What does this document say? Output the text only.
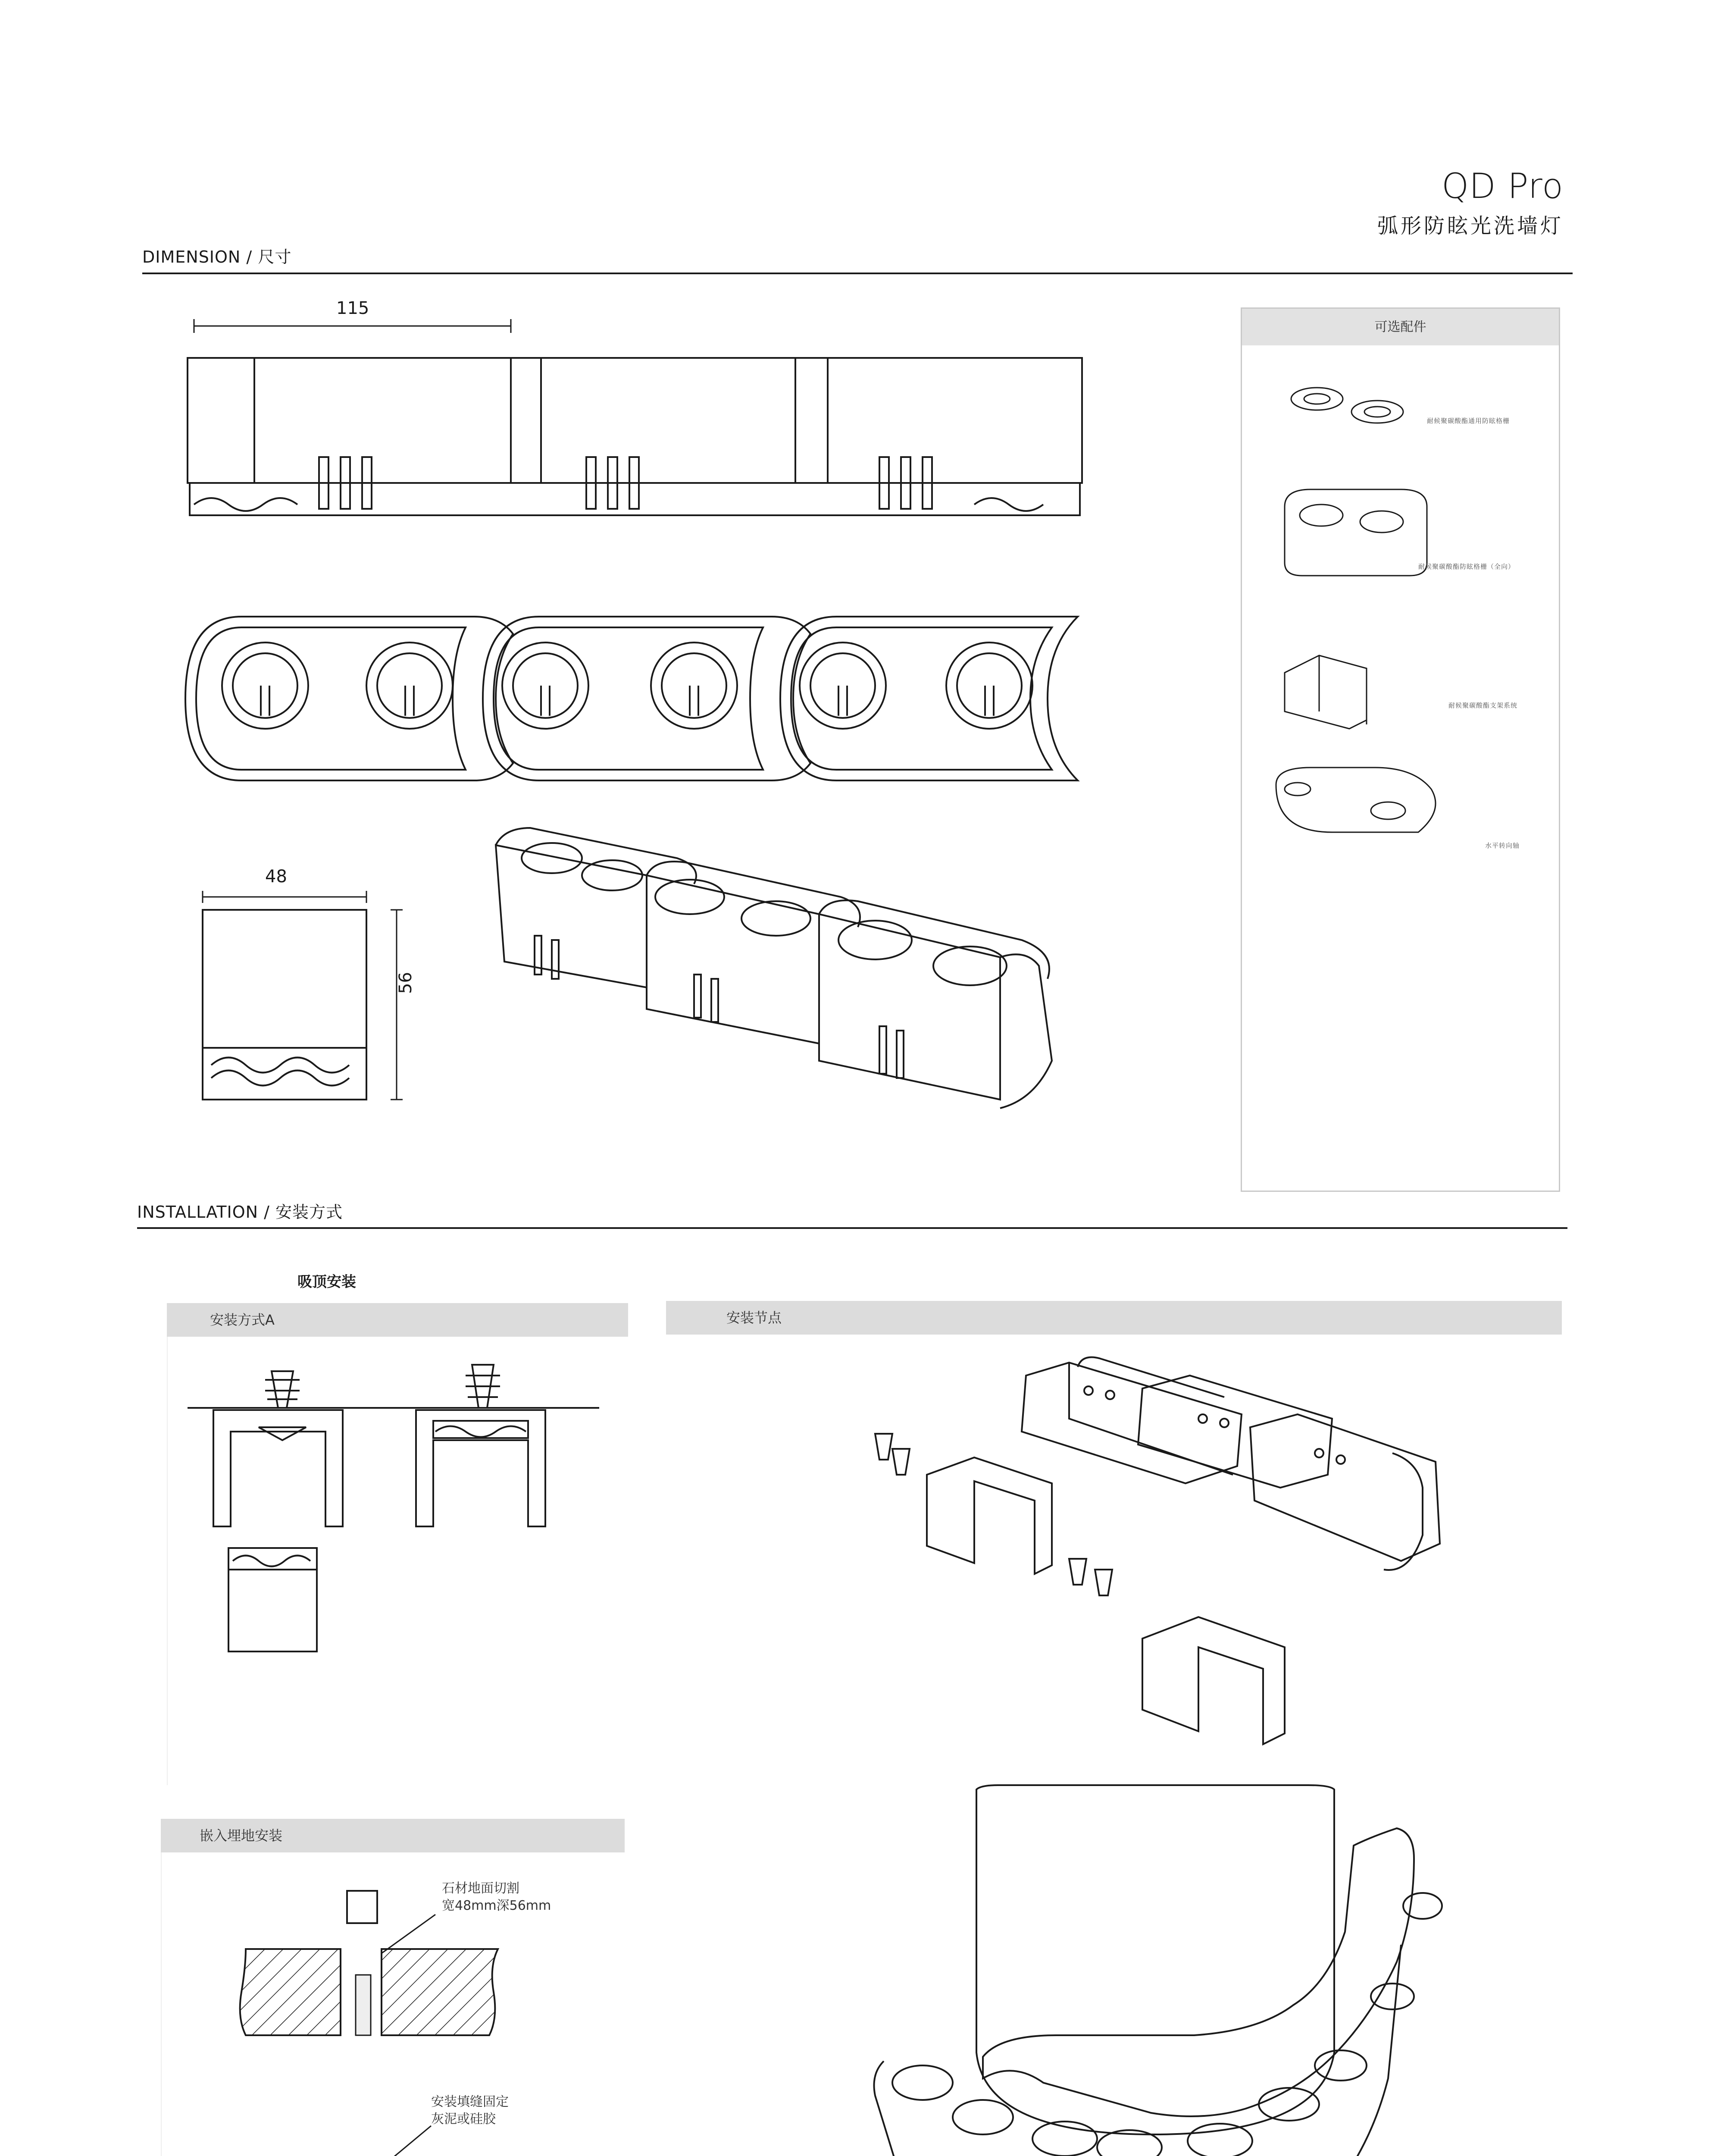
QD Pro
弧形防眩光洗墙灯
DIMENSION / 尺寸
115
48
56
可选配件
耐候聚碳酸酯通用防眩格栅
耐候聚碳酸酯防眩格栅（全向）
耐候聚碳酸酯支架系统
水平转向轴
INSTALLATION / 安装方式
吸顶安装
安装方式A	安装节点
嵌入埋地安装
石材地面切割
宽48mm深56mm
安装填缝固定
灰泥或硅胶
